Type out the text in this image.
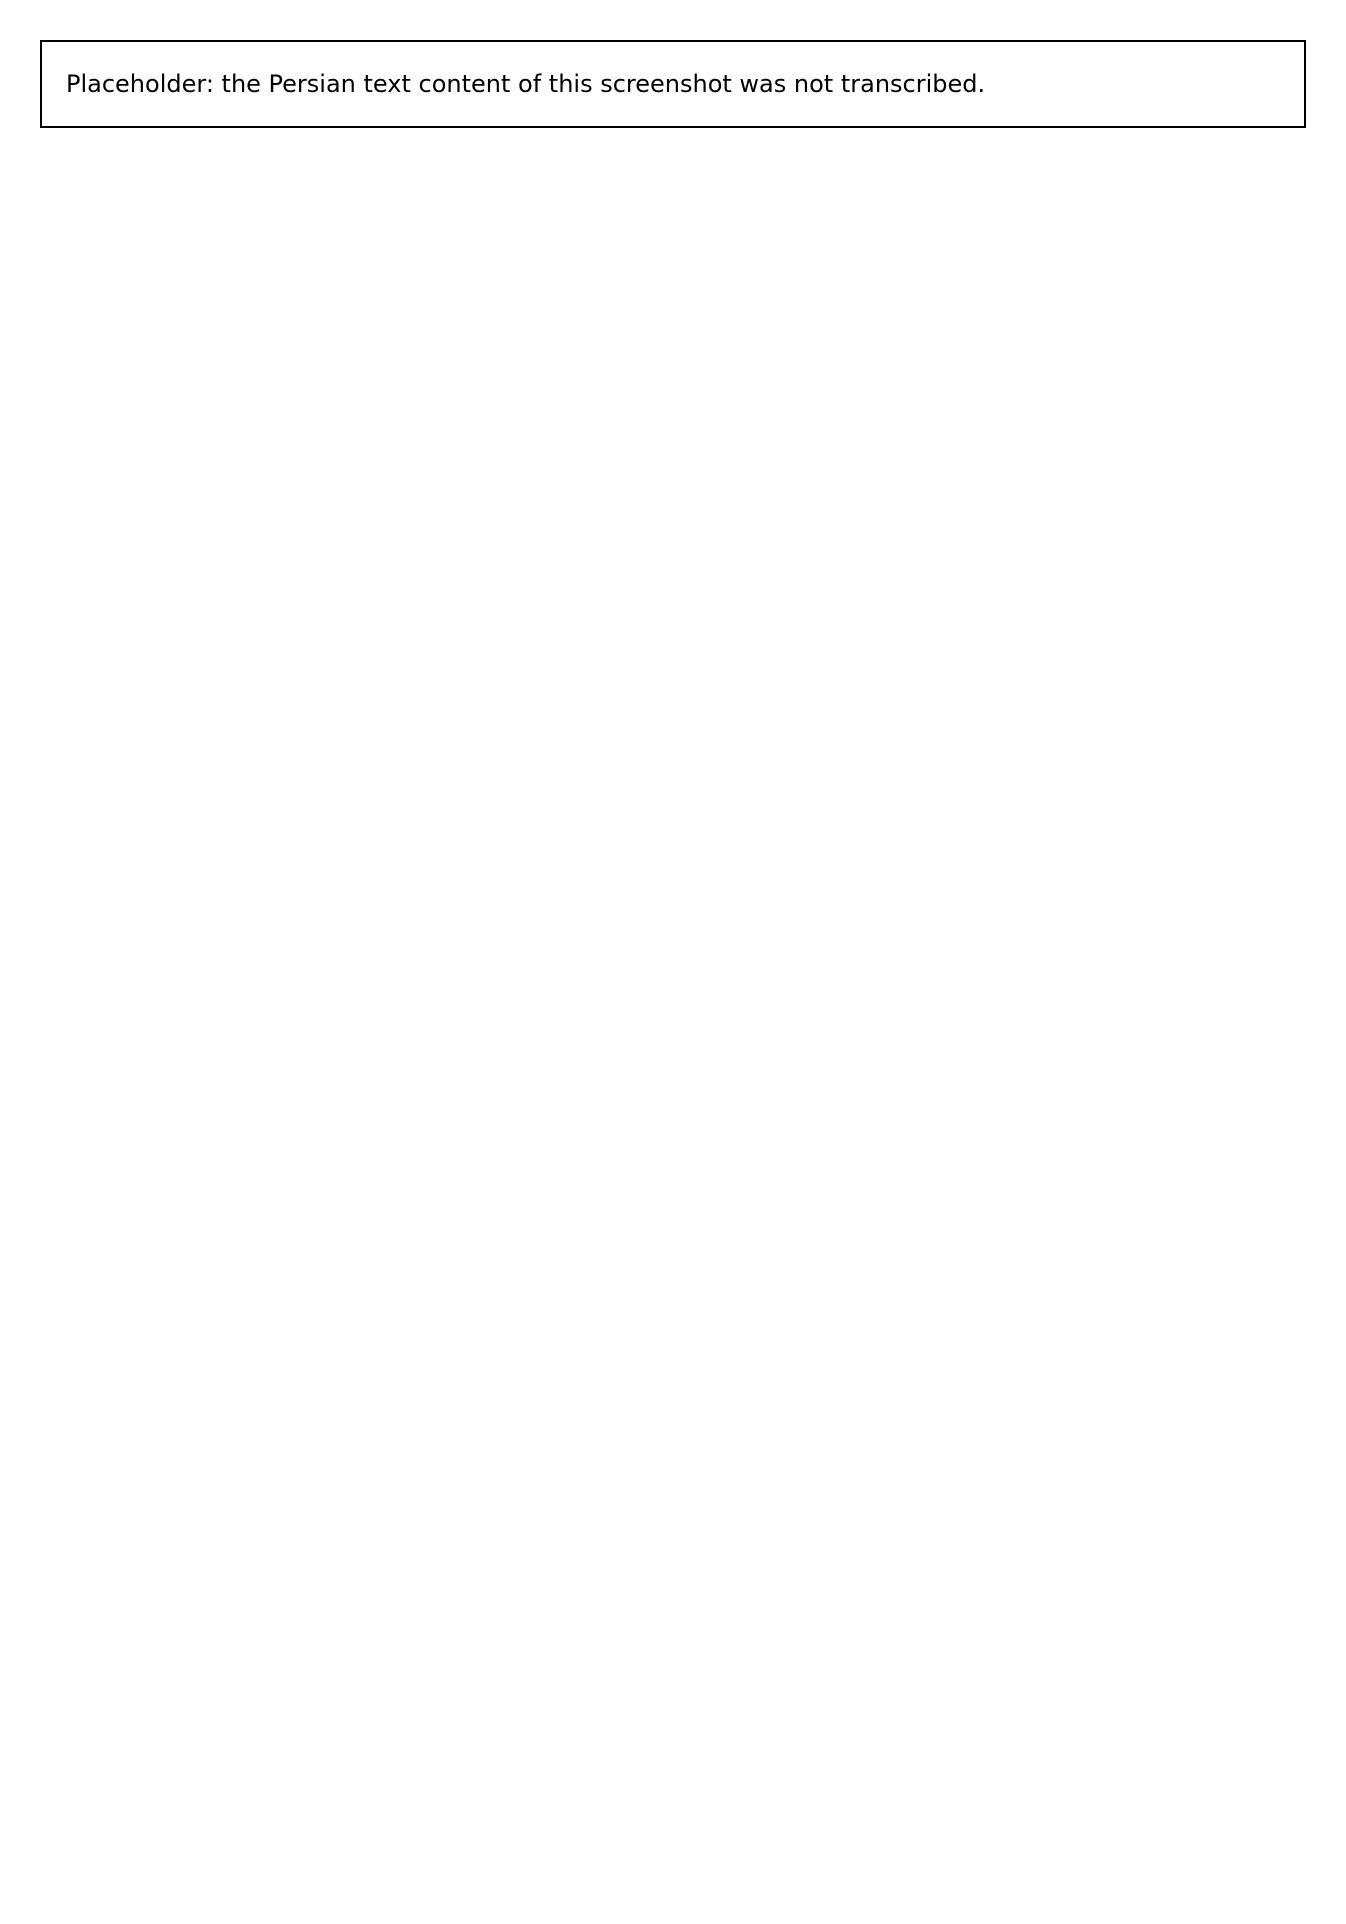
Placeholder: the Persian text content of this screenshot was not transcribed.
